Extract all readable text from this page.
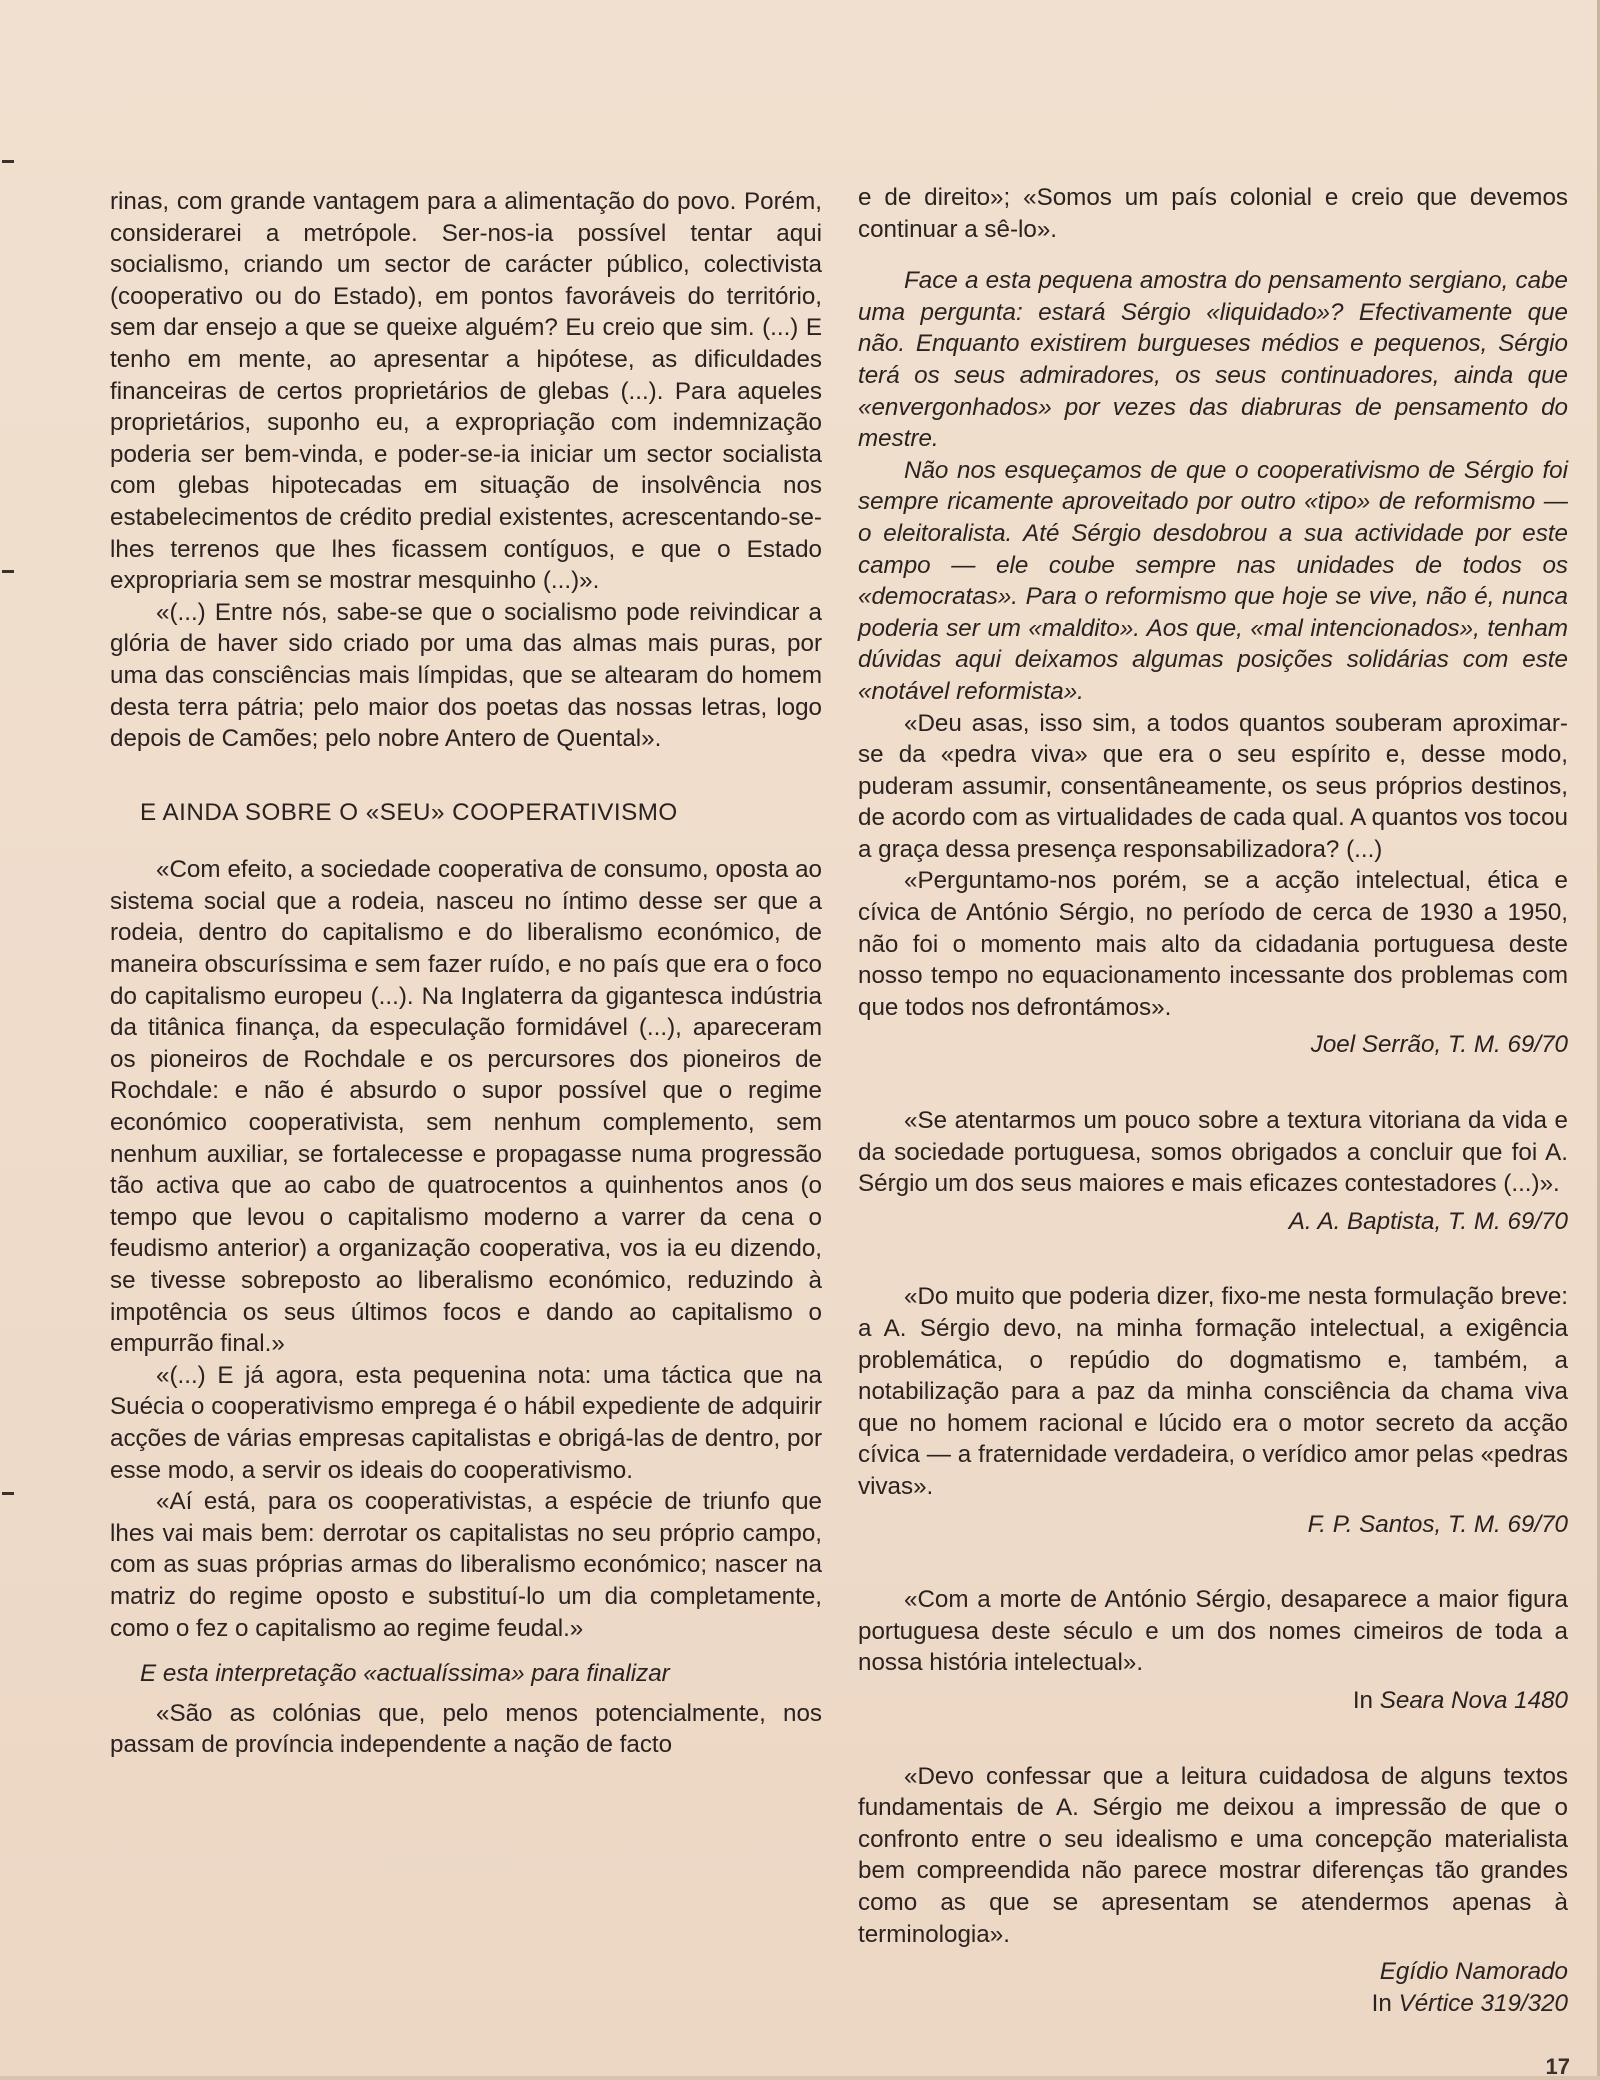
rinas, com grande vantagem para a alimentação do povo. Porém, considerarei a metrópole. Ser-nos-ia possível tentar aqui socialismo, criando um sector de carácter público, colectivista (cooperativo ou do Estado), em pontos favoráveis do território, sem dar ensejo a que se queixe alguém? Eu creio que sim. (...) E tenho em mente, ao apresentar a hipótese, as dificuldades financeiras de certos proprietários de glebas (...). Para aqueles proprietários, suponho eu, a expropriação com indemnização poderia ser bem-vinda, e poder-se-ia iniciar um sector socialista com glebas hipotecadas em situação de insolvência nos estabelecimentos de crédito predial existentes, acrescentando-se-lhes terrenos que lhes ficassem contíguos, e que o Estado expropriaria sem se mostrar mesquinho (...)».

«(...) Entre nós, sabe-se que o socialismo pode reivindicar a glória de haver sido criado por uma das almas mais puras, por uma das consciências mais límpidas, que se altearam do homem desta terra pátria; pelo maior dos poetas das nossas letras, logo depois de Camões; pelo nobre Antero de Quental».

E AINDA SOBRE O «SEU» COOPERATIVISMO

«Com efeito, a sociedade cooperativa de consumo, oposta ao sistema social que a rodeia, nasceu no íntimo desse ser que a rodeia, dentro do capitalismo e do liberalismo económico, de maneira obscuríssima e sem fazer ruído, e no país que era o foco do capitalismo europeu (...). Na Inglaterra da gigantesca indústria da titânica finança, da especulação formidável (...), apareceram os pioneiros de Rochdale e os percursores dos pioneiros de Rochdale: e não é absurdo o supor possível que o regime económico cooperativista, sem nenhum complemento, sem nenhum auxiliar, se fortalecesse e propagasse numa progressão tão activa que ao cabo de quatrocentos a quinhentos anos (o tempo que levou o capitalismo moderno a varrer da cena o feudismo anterior) a organização cooperativa, vos ia eu dizendo, se tivesse sobreposto ao liberalismo económico, reduzindo à impotência os seus últimos focos e dando ao capitalismo o empurrão final.»

«(...) E já agora, esta pequenina nota: uma táctica que na Suécia o cooperativismo emprega é o hábil expediente de adquirir acções de várias empresas capitalistas e obrigá-las de dentro, por esse modo, a servir os ideais do cooperativismo.

«Aí está, para os cooperativistas, a espécie de triunfo que lhes vai mais bem: derrotar os capitalistas no seu próprio campo, com as suas próprias armas do liberalismo económico; nascer na matriz do regime oposto e substituí-lo um dia completamente, como o fez o capitalismo ao regime feudal.»

E esta interpretação «actualíssima» para finalizar

«São as colónias que, pelo menos potencialmente, nos passam de província independente a nação de facto

e de direito»; «Somos um país colonial e creio que devemos continuar a sê-lo».

Face a esta pequena amostra do pensamento sergiano, cabe uma pergunta: estará Sérgio «liquidado»? Efectivamente que não. Enquanto existirem burgueses médios e pequenos, Sérgio terá os seus admiradores, os seus continuadores, ainda que «envergonhados» por vezes das diabruras de pensamento do mestre.

Não nos esqueçamos de que o cooperativismo de Sérgio foi sempre ricamente aproveitado por outro «tipo» de reformismo — o eleitoralista. Até Sérgio desdobrou a sua actividade por este campo — ele coube sempre nas unidades de todos os «democratas». Para o reformismo que hoje se vive, não é, nunca poderia ser um «maldito». Aos que, «mal intencionados», tenham dúvidas aqui deixamos algumas posições solidárias com este «notável reformista».

«Deu asas, isso sim, a todos quantos souberam aproximar-se da «pedra viva» que era o seu espírito e, desse modo, puderam assumir, consentâneamente, os seus próprios destinos, de acordo com as virtualidades de cada qual. A quantos vos tocou a graça dessa presença responsabilizadora? (...)

«Perguntamo-nos porém, se a acção intelectual, ética e cívica de António Sérgio, no período de cerca de 1930 a 1950, não foi o momento mais alto da cidadania portuguesa deste nosso tempo no equacionamento incessante dos problemas com que todos nos defrontámos».

Joel Serrão, T. M. 69/70

«Se atentarmos um pouco sobre a textura vitoriana da vida e da sociedade portuguesa, somos obrigados a concluir que foi A. Sérgio um dos seus maiores e mais eficazes contestadores (...)».

A. A. Baptista, T. M. 69/70

«Do muito que poderia dizer, fixo-me nesta formulação breve: a A. Sérgio devo, na minha formação intelectual, a exigência problemática, o repúdio do dogmatismo e, também, a notabilização para a paz da minha consciência da chama viva que no homem racional e lúcido era o motor secreto da acção cívica — a fraternidade verdadeira, o verídico amor pelas «pedras vivas».

F. P. Santos, T. M. 69/70

«Com a morte de António Sérgio, desaparece a maior figura portuguesa deste século e um dos nomes cimeiros de toda a nossa história intelectual».

In Seara Nova 1480

«Devo confessar que a leitura cuidadosa de alguns textos fundamentais de A. Sérgio me deixou a impressão de que o confronto entre o seu idealismo e uma concepção materialista bem compreendida não parece mostrar diferenças tão grandes como as que se apresentam se atendermos apenas à terminologia».

Egídio Namorado

In Vértice 319/320

17
